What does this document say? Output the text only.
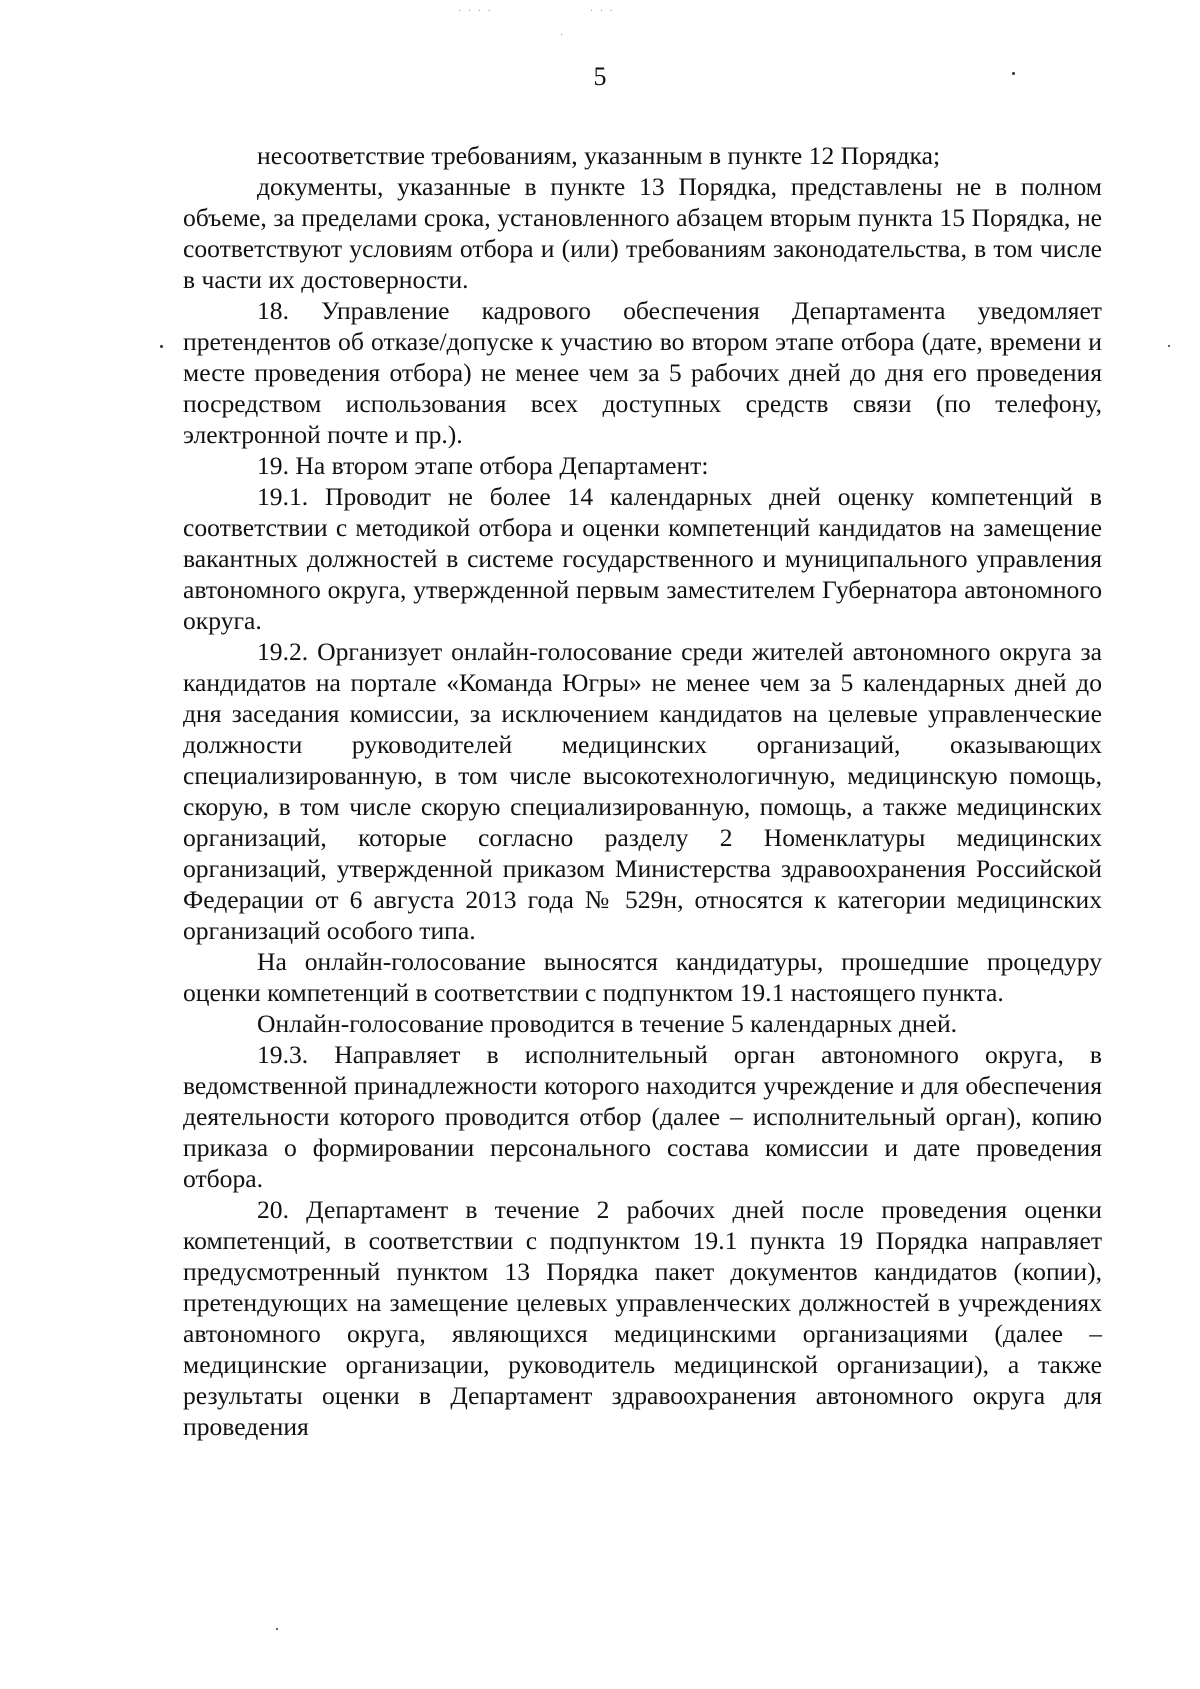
· · · ·	· · ·
·
5

несоответствие требованиям, указанным в пункте 12 Порядка;

документы, указанные в пункте 13 Порядка, представлены не в полном объеме, за пределами срока, установленного абзацем вторым пункта 15 Порядка, не соответствуют условиям отбора и (или) требованиям законодательства, в том числе в части их достоверности.

18. Управление кадрового обеспечения Департамента уведомляет претендентов об отказе/допуске к участию во втором этапе отбора (дате, времени и месте проведения отбора) не менее чем за 5 рабочих дней до дня его проведения посредством использования всех доступных средств связи (по телефону, электронной почте и пр.).

19. На втором этапе отбора Департамент:

19.1. Проводит не более 14 календарных дней оценку компетенций в соответствии с методикой отбора и оценки компетенций кандидатов на замещение вакантных должностей в системе государственного и муниципального управления автономного округа, утвержденной первым заместителем Губернатора автономного округа.

19.2. Организует онлайн-голосование среди жителей автономного округа за кандидатов на портале «Команда Югры» не менее чем за 5 календарных дней до дня заседания комиссии, за исключением кандидатов на целевые управленческие должности руководителей медицинских организаций, оказывающих специализированную, в том числе высокотехнологичную, медицинскую помощь, скорую, в том числе скорую специализированную, помощь, а также медицинских организаций, которые согласно разделу 2 Номенклатуры медицинских организаций, утвержденной приказом Министерства здравоохранения Российской Федерации от 6 августа 2013 года № 529н, относятся к категории медицинских организаций особого типа.

На онлайн-голосование выносятся кандидатуры, прошедшие процедуру оценки компетенций в соответствии с подпунктом 19.1 настоящего пункта.

Онлайн-голосование проводится в течение 5 календарных дней.

19.3. Направляет в исполнительный орган автономного округа, в ведомственной принадлежности которого находится учреждение и для обеспечения деятельности которого проводится отбор (далее – исполнительный орган), копию приказа о формировании персонального состава комиссии и дате проведения отбора.

20. Департамент в течение 2 рабочих дней после проведения оценки компетенций, в соответствии с подпунктом 19.1 пункта 19 Порядка направляет предусмотренный пунктом 13 Порядка пакет документов кандидатов (копии), претендующих на замещение целевых управленческих должностей в учреждениях автономного округа, являющихся медицинскими организациями (далее – медицинские организации, руководитель медицинской организации), а также результаты оценки в Департамент здравоохранения автономного округа для проведения
